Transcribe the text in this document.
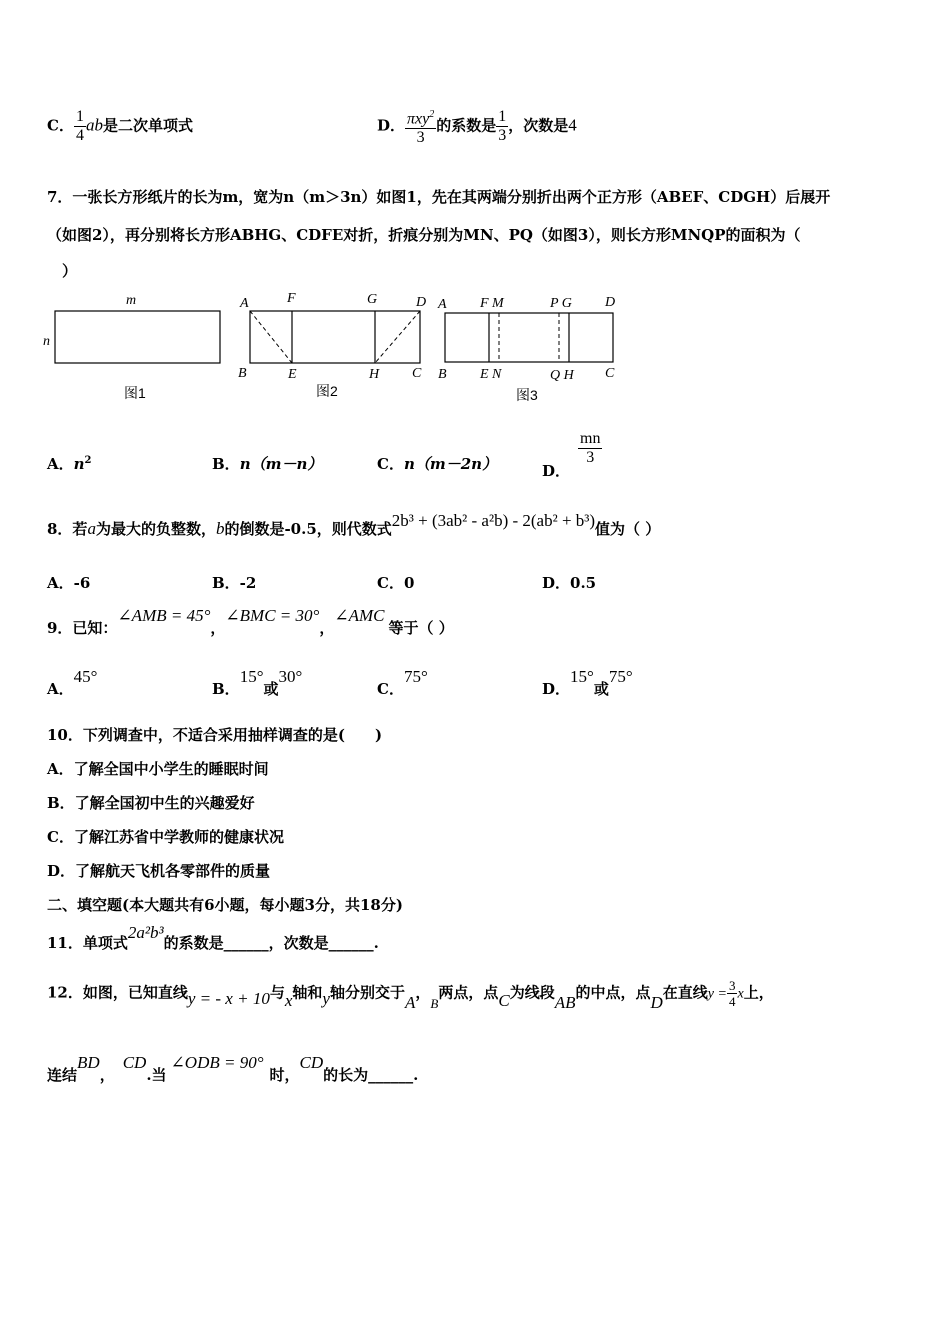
C． $\frac{1}{4}$ ab是二次单项式	D． $\frac{\pi xy^2}{3}$ 的系数是 $\frac{1}{3}$ ，次数是4
7．一张长方形纸片的长为m，宽为n（m＞3n）如图1，先在其两端分别折出两个正方形（ABEF、CDGH）后展开
（如图2），再分别将长方形ABHG、CDFE对折，折痕分别为MN、PQ（如图3），则长方形MNQP的面积为（
）
m
n
图1
A	F	G	D
B	E	H C
图2
A F M	P G D
B E N	Q H C
图3
A．$n^2$	B．n（m－n）	C．n（m－2n）	D．
$\frac{mn}{3}$
8．若a为最大的负整数，b的倒数是-0.5，则代数式2b³ + (3ab² - a²b) - 2(ab² + b³)值为（ ）
A．-6	B．-2	C．0	D．0.5
9．已知：∠AMB = 45°，∠BMC = 30°，∠AMC等于（ ）
A．45°
B．15°或30°
C．75°
D．15°或75°
10．下列调查中，不适合采用抽样调查的是(　　)
A．了解全国中小学生的睡眠时间
B．了解全国初中生的兴趣爱好
C．了解江苏省中学教师的健康状况
D．了解航天飞机各零部件的质量
二、填空题(本大题共有6小题，每小题3分，共18分)
11．单项式2a²b³的系数是______，次数是______.
12．如图，已知直线y = - x + 10与x轴和y轴分别交于A，B两点，点C为线段AB的中点，点D在直线$y = \frac{3}{4}$ x上，
连结BD，CD.当∠ODB = 90°时，CD的长为______.
